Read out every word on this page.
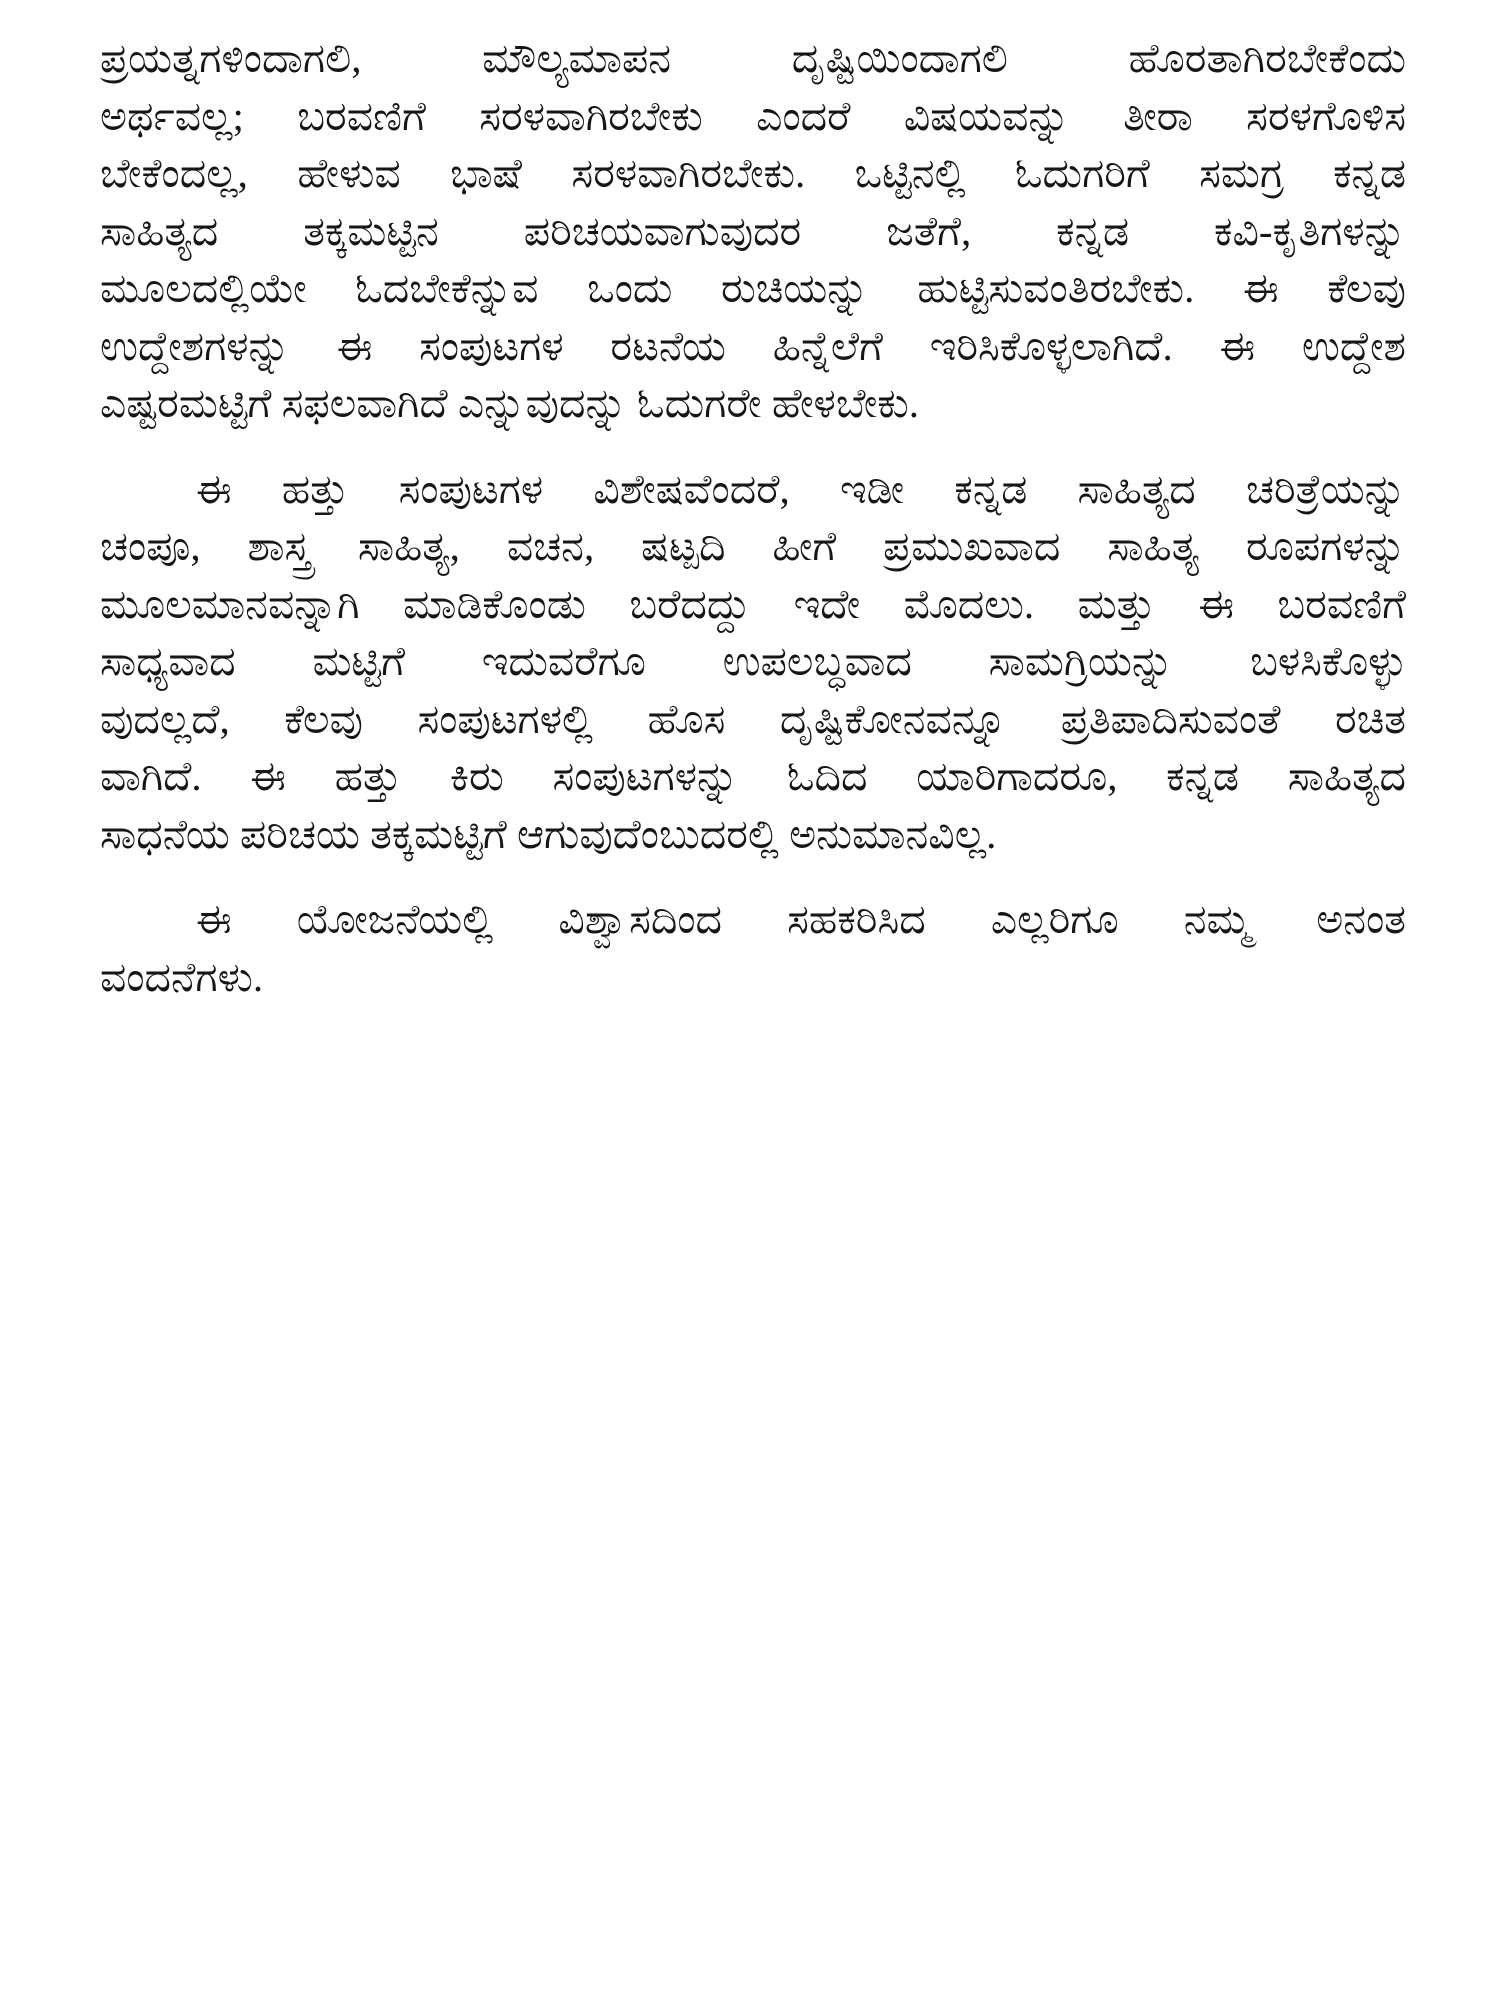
ಪ್ರಯತ್ನಗಳಿಂದಾಗಲಿ, ಮೌಲ್ಯಮಾಪನ ದೃಷ್ಟಿಯಿಂದಾಗಲಿ ಹೊರತಾಗಿರಬೇಕೆಂದು
ಅರ್ಥವಲ್ಲ; ಬರವಣಿಗೆ ಸರಳವಾಗಿರಬೇಕು ಎಂದರೆ ವಿಷಯವನ್ನು ತೀರಾ ಸರಳಗೊಳಿಸ
ಬೇಕೆಂದಲ್ಲ, ಹೇಳುವ ಭಾಷೆ ಸರಳವಾಗಿರಬೇಕು. ಒಟ್ಟಿನಲ್ಲಿ ಓದುಗರಿಗೆ ಸಮಗ್ರ ಕನ್ನಡ
ಸಾಹಿತ್ಯದ ತಕ್ಕಮಟ್ಟಿನ ಪರಿಚಯವಾಗುವುದರ ಜತೆಗೆ, ಕನ್ನಡ ಕವಿ-ಕೃತಿಗಳನ್ನು
ಮೂಲದಲ್ಲಿಯೇ ಓದಬೇಕೆನ್ನುವ ಒಂದು ರುಚಿಯನ್ನು ಹುಟ್ಟಿಸುವಂತಿರಬೇಕು. ಈ ಕೆಲವು
ಉದ್ದೇಶಗಳನ್ನು ಈ ಸಂಪುಟಗಳ ರಟನೆಯ ಹಿನ್ನೆಲೆಗೆ ಇರಿಸಿಕೊಳ್ಳಲಾಗಿದೆ. ಈ ಉದ್ದೇಶ
ಎಷ್ಟರಮಟ್ಟಿಗೆ ಸಫಲವಾಗಿದೆ ಎನ್ನುವುದನ್ನು ಓದುಗರೇ ಹೇಳಬೇಕು.
ಈ ಹತ್ತು ಸಂಪುಟಗಳ ವಿಶೇಷವೆಂದರೆ, ಇಡೀ ಕನ್ನಡ ಸಾಹಿತ್ಯದ ಚರಿತ್ರೆಯನ್ನು
ಚಂಪೂ, ಶಾಸ್ತ್ರ ಸಾಹಿತ್ಯ, ವಚನ, ಷಟ್ಪದಿ ಹೀಗೆ ಪ್ರಮುಖವಾದ ಸಾಹಿತ್ಯ ರೂಪಗಳನ್ನು
ಮೂಲಮಾನವನ್ನಾಗಿ ಮಾಡಿಕೊಂಡು ಬರೆದದ್ದು ಇದೇ ಮೊದಲು. ಮತ್ತು ಈ ಬರವಣಿಗೆ
ಸಾಧ್ಯವಾದ ಮಟ್ಟಿಗೆ ಇದುವರೆಗೂ ಉಪಲಬ್ಧವಾದ ಸಾಮಗ್ರಿಯನ್ನು ಬಳಸಿಕೊಳ್ಳು
ವುದಲ್ಲದೆ, ಕೆಲವು ಸಂಪುಟಗಳಲ್ಲಿ ಹೊಸ ದೃಷ್ಟಿಕೋನವನ್ನೂ ಪ್ರತಿಪಾದಿಸುವಂತೆ ರಚಿತ
ವಾಗಿದೆ. ಈ ಹತ್ತು ಕಿರು ಸಂಪುಟಗಳನ್ನು ಓದಿದ ಯಾರಿಗಾದರೂ, ಕನ್ನಡ ಸಾಹಿತ್ಯದ
ಸಾಧನೆಯ ಪರಿಚಯ ತಕ್ಕಮಟ್ಟಿಗೆ ಆಗುವುದೆಂಬುದರಲ್ಲಿ ಅನುಮಾನವಿಲ್ಲ.
ಈ ಯೋಜನೆಯಲ್ಲಿ ವಿಶ್ವಾಸದಿಂದ ಸಹಕರಿಸಿದ ಎಲ್ಲರಿಗೂ ನಮ್ಮ ಅನಂತ
ವಂದನೆಗಳು.
